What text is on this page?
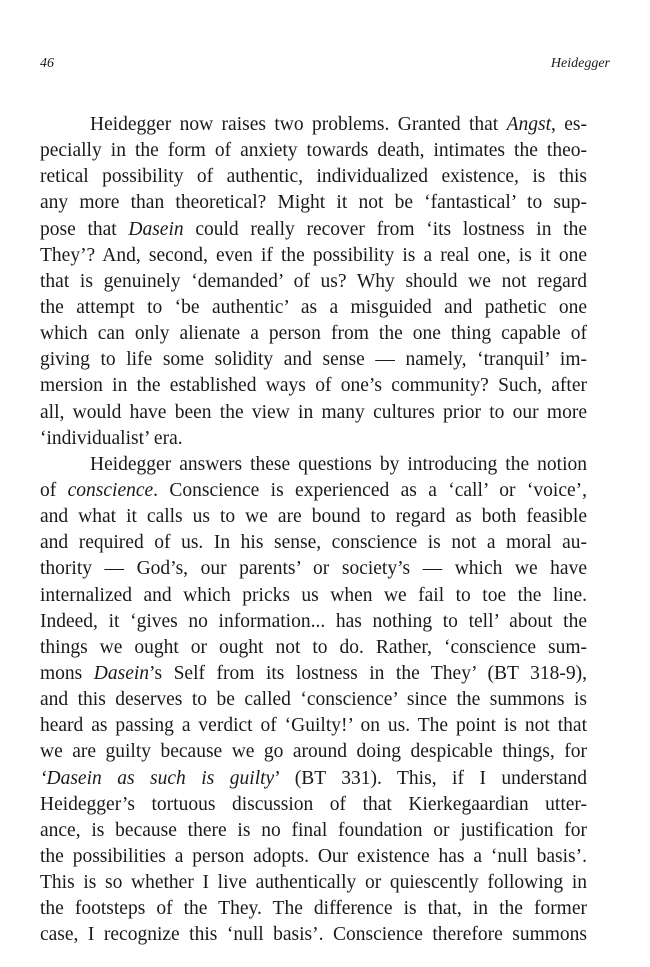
46	Heidegger
Heidegger now raises two problems. Granted that Angst, es-
pecially in the form of anxiety towards death, intimates the theo-
retical possibility of authentic, individualized existence, is this
any more than theoretical? Might it not be ‘fantastical’ to sup-
pose that Dasein could really recover from ‘its lostness in the
They’? And, second, even if the possibility is a real one, is it one
that is genuinely ‘demanded’ of us? Why should we not regard
the attempt to ‘be authentic’ as a misguided and pathetic one
which can only alienate a person from the one thing capable of
giving to life some solidity and sense — namely, ‘tranquil’ im-
mersion in the established ways of one’s community? Such, after
all, would have been the view in many cultures prior to our more
‘individualist’ era.
Heidegger answers these questions by introducing the notion
of conscience. Conscience is experienced as a ‘call’ or ‘voice’,
and what it calls us to we are bound to regard as both feasible
and required of us. In his sense, conscience is not a moral au-
thority — God’s, our parents’ or society’s — which we have
internalized and which pricks us when we fail to toe the line.
Indeed, it ‘gives no information... has nothing to tell’ about the
things we ought or ought not to do. Rather, ‘conscience sum-
mons Dasein’s Self from its lostness in the They’ (BT 318-9),
and this deserves to be called ‘conscience’ since the summons is
heard as passing a verdict of ‘Guilty!’ on us. The point is not that
we are guilty because we go around doing despicable things, for
‘Dasein as such is guilty’ (BT 331). This, if I understand
Heidegger’s tortuous discussion of that Kierkegaardian utter-
ance, is because there is no final foundation or justification for
the possibilities a person adopts. Our existence has a ‘null basis’.
This is so whether I live authentically or quiescently following in
the footsteps of the They. The difference is that, in the former
case, I recognize this ‘null basis’. Conscience therefore summons
